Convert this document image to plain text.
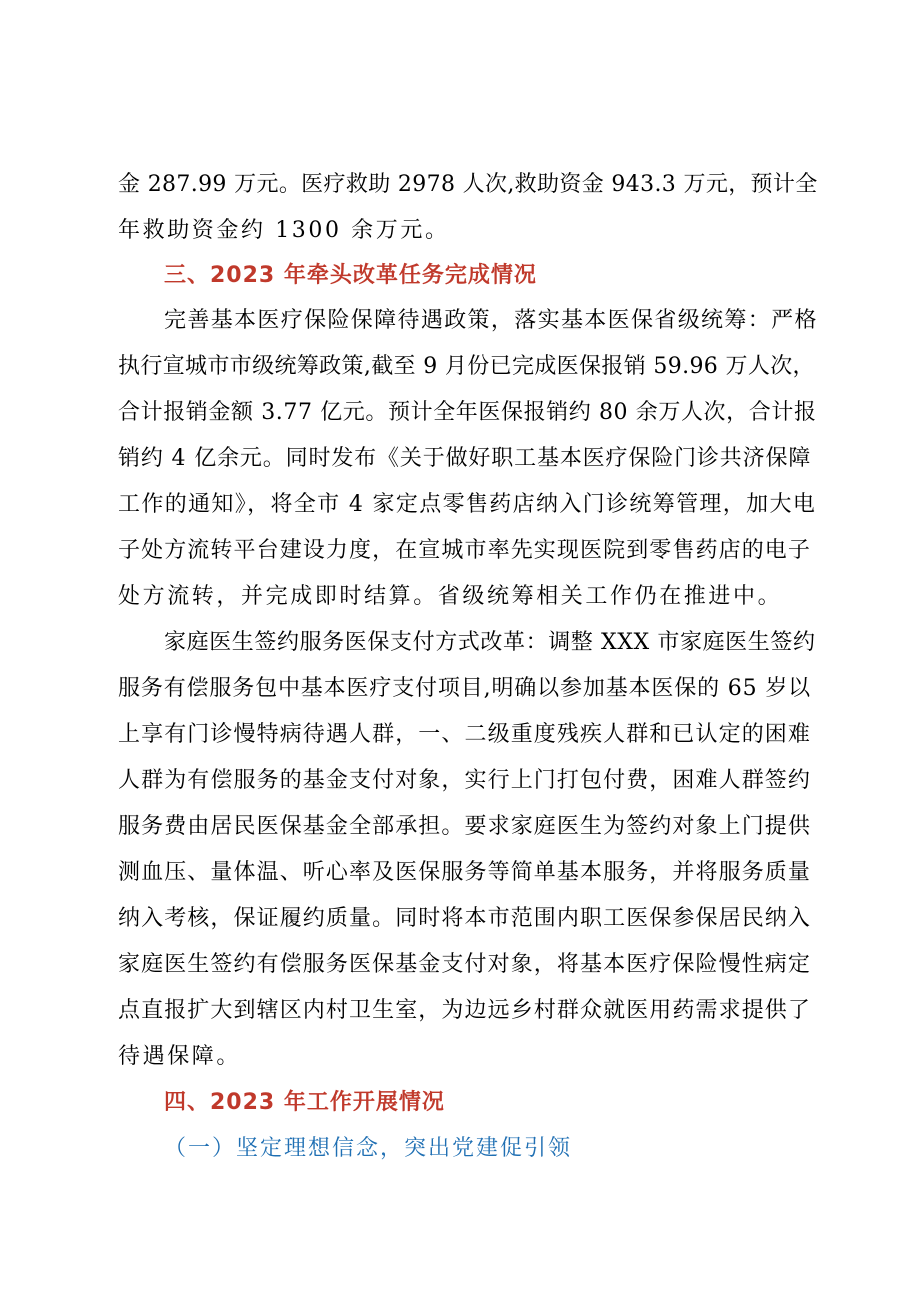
金 287.99 万元。医疗救助 2978 人次,救助资金 943.3 万元，预计全
年救助资金约 1300 余万元。
三、2023 年牵头改革任务完成情况
完善基本医疗保险保障待遇政策，落实基本医保省级统筹：严格
执行宣城市市级统筹政策,截至 9 月份已完成医保报销 59.96 万人次，
合计报销金额 3.77 亿元。预计全年医保报销约 80 余万人次，合计报
销约 4 亿余元。同时发布《关于做好职工基本医疗保险门诊共济保障
工作的通知》，将全市 4 家定点零售药店纳入门诊统筹管理，加大电
子处方流转平台建设力度，在宣城市率先实现医院到零售药店的电子
处方流转，并完成即时结算。省级统筹相关工作仍在推进中。
家庭医生签约服务医保支付方式改革：调整 XXX 市家庭医生签约
服务有偿服务包中基本医疗支付项目,明确以参加基本医保的 65 岁以
上享有门诊慢特病待遇人群，一、二级重度残疾人群和已认定的困难
人群为有偿服务的基金支付对象，实行上门打包付费，困难人群签约
服务费由居民医保基金全部承担。要求家庭医生为签约对象上门提供
测血压、量体温、听心率及医保服务等简单基本服务，并将服务质量
纳入考核，保证履约质量。同时将本市范围内职工医保参保居民纳入
家庭医生签约有偿服务医保基金支付对象，将基本医疗保险慢性病定
点直报扩大到辖区内村卫生室，为边远乡村群众就医用药需求提供了
待遇保障。
四、2023 年工作开展情况
（一）坚定理想信念，突出党建促引领
